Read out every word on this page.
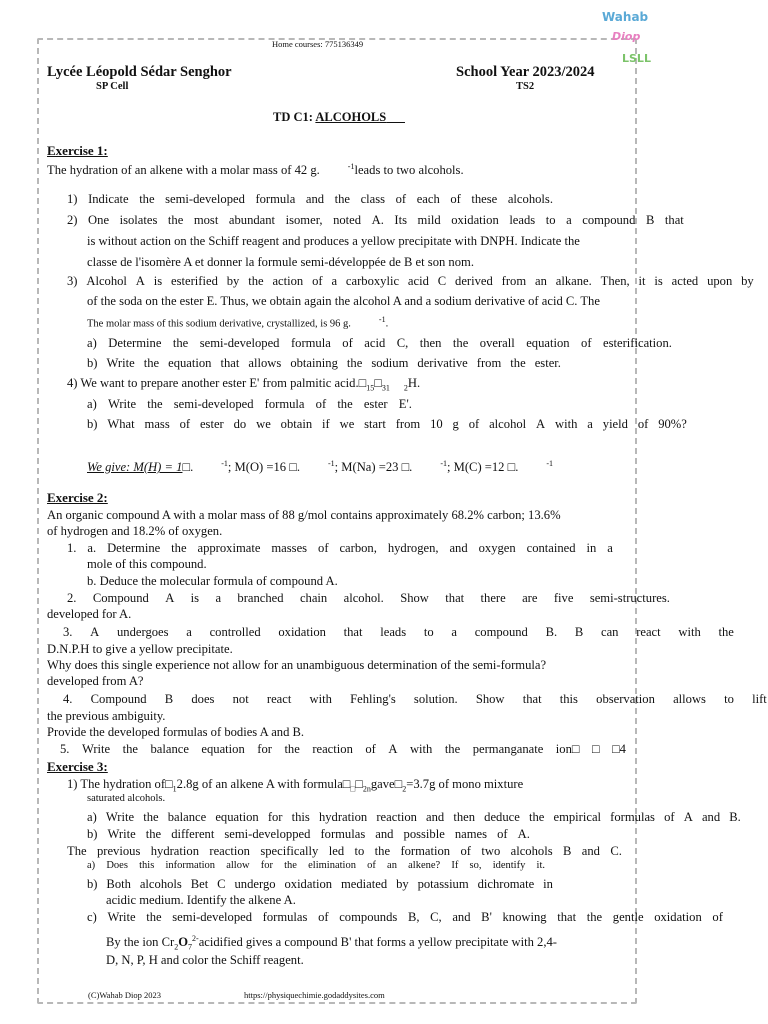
Wahab
Diop
LSLL
Home courses: 775136349
Lycée Léopold Sédar Senghor
SP Cell
School Year 2023/2024
TS2
TD C1: ALCOHOLS
Exercise 1:
The hydration of an alkene with a molar mass of 42 g.	$^{-1}$leads to two alcohols.
1) Indicate the semi-developed formula and the class of each of these alcohols.
2) One isolates the most abundant isomer, noted A. Its mild oxidation leads to a compound B that
is without action on the Schiff reagent and produces a yellow precipitate with DNPH. Indicate the
classe de l'isomère A et donner la formule semi-développée de B et son nom.
3) Alcohol A is esterified by the action of a carboxylic acid C derived from an alkane. Then, it is acted upon by
of the soda on the ester E. Thus, we obtain again the alcohol A and a sodium derivative of acid C. The
The molar mass of this sodium derivative, crystallized, is 96 g.	$^{-1}$.
a) Determine the semi-developed formula of acid C, then the overall equation of esterification.
b) Write the equation that allows obtaining the sodium derivative from the ester.
4) We want to prepare another ester E' from palmitic $acid.□_{15}□_{31}$ $_2$H.
a) Write the semi-developed formula of the ester E'.
b) What mass of ester do we obtain if we start from 10 g of alcohol A with a yield of 90%?
We give: M(H) = 1□.	$^{-1}$; M(O) =16 □.	$^{-1}$; M(Na) =23 □.	$^{-1}$; M(C) =12 □.	$^{-1}$
Exercise 2:
An organic compound A with a molar mass of 88 g/mol contains approximately 68.2% carbon; 13.6%
of hydrogen and 18.2% of oxygen.
1. a. Determine the approximate masses of carbon, hydrogen, and oxygen contained in a
mole of this compound.
b. Deduce the molecular formula of compound A.
2. Compound A is a branched chain alcohol. Show that there are five semi-structures.
developed for A.
3. A undergoes a controlled oxidation that leads to a compound B. B can react with the
D.N.P.H to give a yellow precipitate.
Why does this single experience not allow for an unambiguous determination of the semi-formula?
developed from A?
4. Compound B does not react with Fehling's solution. Show that this observation allows to lift
the previous ambiguity.
Provide the developed formulas of bodies A and B.
5. Write the balance equation for the reaction of A with the permanganate ion□ □ □4
Exercise 3:
1) The hydration $of□_12.8g$ of an alkene A with $formula□_□□_{2n}gave□_2=3.7g$ of mono mixture
saturated alcohols.
a) Write the balance equation for this hydration reaction and then deduce the empirical formulas of A and B.
b) Write the different semi-developped formulas and possible names of A.
The previous hydration reaction specifically led to the formation of two alcohols B and C.
a) Does this information allow for the elimination of an alkene? If so, identify it.
b) Both alcohols Bet C undergo oxidation mediated by potassium dichromate in
acidic medium. Identify the alkene A.
c) Write the semi-developed formulas of compounds B, C, and B' knowing that the gentle oxidation of
By the ion $Cr_2O_7^{2-}acidified$ gives a compound B' that forms a yellow precipitate with 2,4-
D, N, P, H and color the Schiff reagent.
(C)Wahab Diop 2023	https://physiquechimie.godaddysites.com
